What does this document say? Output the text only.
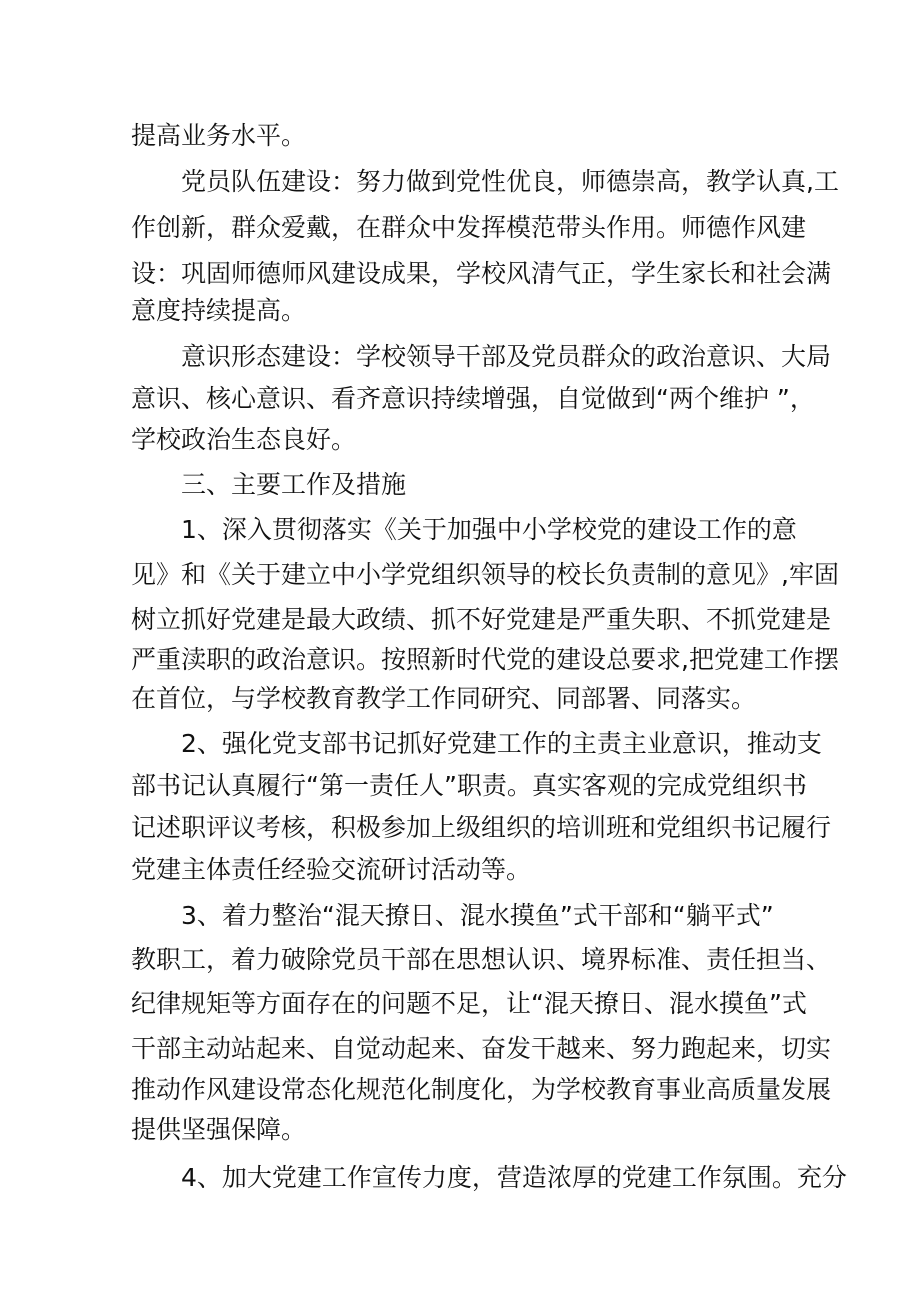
提高业务水平。
党员队伍建设：努力做到党性优良，师德崇高，教学认真,工
作创新，群众爱戴，在群众中发挥模范带头作用。师德作风建
设：巩固师德师风建设成果，学校风清气正，学生家长和社会满
意度持续提高。
意识形态建设：学校领导干部及党员群众的政治意识、大局
意识、核心意识、看齐意识持续增强，自觉做到“两个维护 ”，
学校政治生态良好。
三、主要工作及措施
1、深入贯彻落实《关于加强中小学校党的建设工作的意
见》和《关于建立中小学党组织领导的校长负责制的意见》,牢固
树立抓好党建是最大政绩、抓不好党建是严重失职、不抓党建是
严重渎职的政治意识。按照新时代党的建设总要求,把党建工作摆
在首位，与学校教育教学工作同研究、同部署、同落实。
2、强化党支部书记抓好党建工作的主责主业意识，推动支
部书记认真履行“第一责任人”职责。真实客观的完成党组织书
记述职评议考核，积极参加上级组织的培训班和党组织书记履行
党建主体责任经验交流研讨活动等。
3、着力整治“混天撩日、混水摸鱼”式干部和“躺平式”
教职工，着力破除党员干部在思想认识、境界标准、责任担当、
纪律规矩等方面存在的问题不足，让“混天撩日、混水摸鱼”式
干部主动站起来、自觉动起来、奋发干越来、努力跑起来，切实
推动作风建设常态化规范化制度化，为学校教育事业高质量发展
提供坚强保障。
4、加大党建工作宣传力度，营造浓厚的党建工作氛围。充分
